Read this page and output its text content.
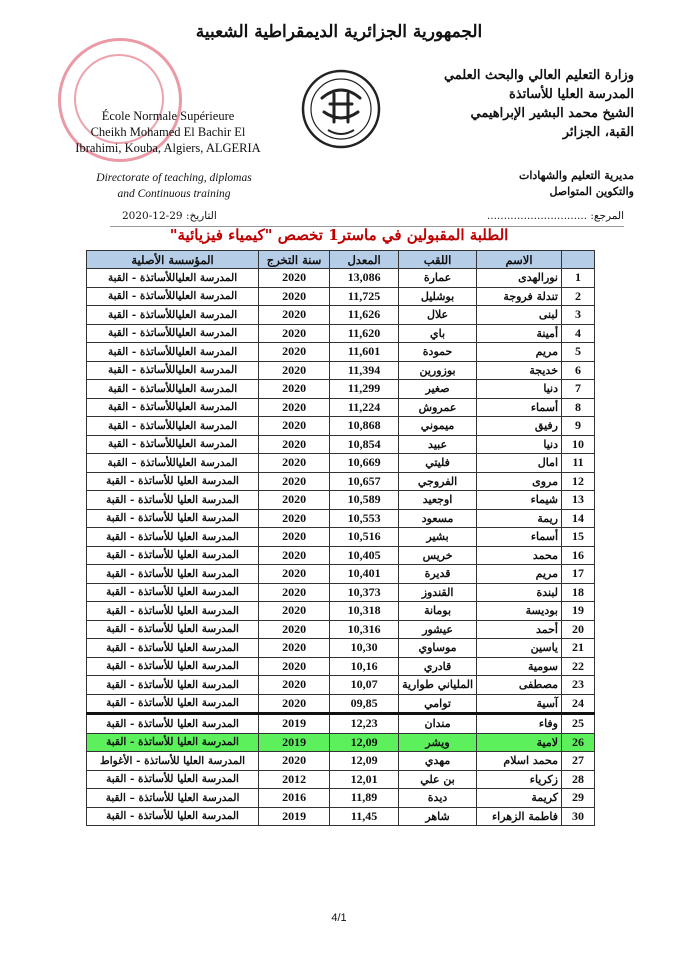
الجمهورية الجزائرية الديمقراطية الشعبية
وزارة التعليم العالي والبحث العلمي
المدرسة العليا للأساتذة
الشيخ محمد البشير الإبراهيمي
القبة، الجزائر
École Normale Supérieure
Cheikh Mohamed El Bachir El
Ibrahimi, Kouba, Algiers, ALGERIA
Directorate of teaching, diplomas
and Continuous training
مديرية التعليم والشهادات
والتكوين المتواصل
المرجع: ..............................
التاريخ: 29-12-2020
الطلبة المقبولين في ماستر1 تخصص "كيمياء فيزيائية"
	الاسم	اللقب	المعدل	سنة التخرج	المؤسسة الأصلية
1	نورالهدى	عمارة	13,086	2020	المدرسة العلياللأساتذة - القبة
2	تندلة فروجة	بوشليل	11,725	2020	المدرسة العلياللأساتذة - القبة
3	لبنى	علال	11,626	2020	المدرسة العلياللأساتذة - القبة
4	أمينة	باي	11,620	2020	المدرسة العلياللأساتذة - القبة
5	مريم	حمودة	11,601	2020	المدرسة العلياللأساتذة - القبة
6	خديجة	بوزورين	11,394	2020	المدرسة العلياللأساتذة - القبة
7	دنيا	صغير	11,299	2020	المدرسة العلياللأساتذة - القبة
8	أسماء	عمروش	11,224	2020	المدرسة العلياللأساتذة - القبة
9	رفيق	ميموني	10,868	2020	المدرسة العلياللأساتذة - القبة
10	دنيا	عبيد	10,854	2020	المدرسة العلياللأساتذة - القبة
11	امال	فليتي	10,669	2020	المدرسة العلياللأساتذة – القبة
12	مروى	الفروجي	10,657	2020	المدرسة العليا للأساتذة - القبة
13	شيماء	اوجعيد	10,589	2020	المدرسة العليا للأساتذة - القبة
14	ريمة	مسعود	10,553	2020	المدرسة العليا للأساتذة - القبة
15	أسماء	بشير	10,516	2020	المدرسة العليا للأساتذة - القبة
16	محمد	خريس	10,405	2020	المدرسة العليا للأساتذة - القبة
17	مريم	قديرة	10,401	2020	المدرسة العليا للأساتذة - القبة
18	لبندة	القندوز	10,373	2020	المدرسة العليا للأساتذة - القبة
19	بوديسة	بومانة	10,318	2020	المدرسة العليا للأساتذة - القبة
20	أحمد	عيشور	10,316	2020	المدرسة العليا للأساتذة - القبة
21	ياسين	موساوي	10,30	2020	المدرسة العليا للأساتذة - القبة
22	سومية	قادري	10,16	2020	المدرسة العليا للأساتذة - القبة
23	مصطفى	الملياني طوارية	10,07	2020	المدرسة العليا للأساتذة - القبة
24	آسية	توامي	09,85	2020	المدرسة العليا للأساتذة - القبة
25	وفاء	مندان	12,23	2019	المدرسة العليا للأساتذة - القبة
26	لامية	ويشر	12,09	2019	المدرسة العليا للأساتذة - القبة
27	محمد اسلام	مهدي	12,09	2020	المدرسة العليا للأساتذة - الأغواط
28	زكرياء	بن علي	12,01	2012	المدرسة العليا للأساتذة - القبة
29	كريمة	ديدة	11,89	2016	المدرسة العليا للأساتذة – القبة
30	فاطمة الزهراء	شاهر	11,45	2019	المدرسة العليا للأساتذة - القبة
4/1
